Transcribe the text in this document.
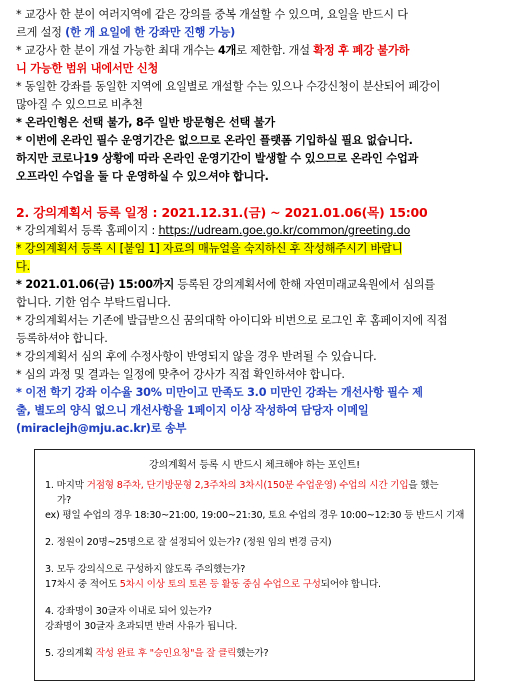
* 교강사 한 분이 여러지역에 같은 강의를 중복 개설할 수 있으며, 요일을 반드시 다

르게 설정 (한 개 요일에 한 강좌만 진행 가능)

* 교강사 한 분이 개설 가능한 최대 개수는 4개로 제한함. 개설 확정 후 폐강 불가하

니 가능한 범위 내에서만 신청

* 동일한 강좌를 동일한 지역에 요일별로 개설할 수는 있으나 수강신청이 분산되어 폐강이

많아질 수 있으므로 비추천

* 온라인형은 선택 불가, 8주 일반 방문형은 선택 불가

* 이번에 온라인 필수 운영기간은 없으므로 온라인 플랫폼 기입하실 필요 없습니다.

하지만 코로나19 상황에 따라 온라인 운영기간이 발생할 수 있으므로 온라인 수업과

오프라인 수업을 둘 다 운영하실 수 있으셔야 합니다.

2. 강의계획서 등록 일정 : 2021.12.31.(금) ~ 2021.01.06(목) 15:00

* 강의계획서 등록 홈페이지 : https://udream.goe.go.kr/common/greeting.do

* 강의계획서 등록 시 [붙임 1] 자료의 매뉴얼을 숙지하신 후 작성해주시기 바랍니

다.

* 2021.01.06(금) 15:00까지 등록된 강의계획서에 한해 자연미래교육원에서 심의를

합니다. 기한 엄수 부탁드립니다.

* 강의계획서는 기존에 발급받으신 꿈의대학 아이디와 비번으로 로그인 후 홈페이지에 직접

등록하셔야 합니다.

* 강의계획서 심의 후에 수정사항이 반영되지 않을 경우 반려될 수 있습니다.

* 심의 과정 및 결과는 일정에 맞추어 강사가 직접 확인하셔야 합니다.

* 이전 학기 강좌 이수율 30% 미만이고 만족도 3.0 미만인 강좌는 개선사항 필수 제

출, 별도의 양식 없으니 개선사항을 1페이지 이상 작성하여 담당자 이메일

(miraclejh@mju.ac.kr)로 송부

강의계획서 등록 시 반드시 체크해야 하는 포인트!
1. 마지막 거점형 8주차, 단기방문형 2,3주차의 3차시(150분 수업운영) 수업의 시간 기입을 했는
가?
ex) 평일 수업의 경우 18:30~21:00, 19:00~21:30, 토요 수업의 경우 10:00~12:30 등 반드시 기재
2. 정원이 20명~25명으로 잘 설정되어 있는가? (정원 임의 변경 금지)
3. 모두 강의식으로 구성하지 않도록 주의했는가?
17차시 중 적어도 5차시 이상 토의 토론 등 활동 중심 수업으로 구성되어야 합니다.
4. 강좌명이 30글자 이내로 되어 있는가?
강좌명이 30글자 초과되면 반려 사유가 됩니다.
5. 강의계획 작성 완료 후 "승인요청"을 잘 클릭했는가?
